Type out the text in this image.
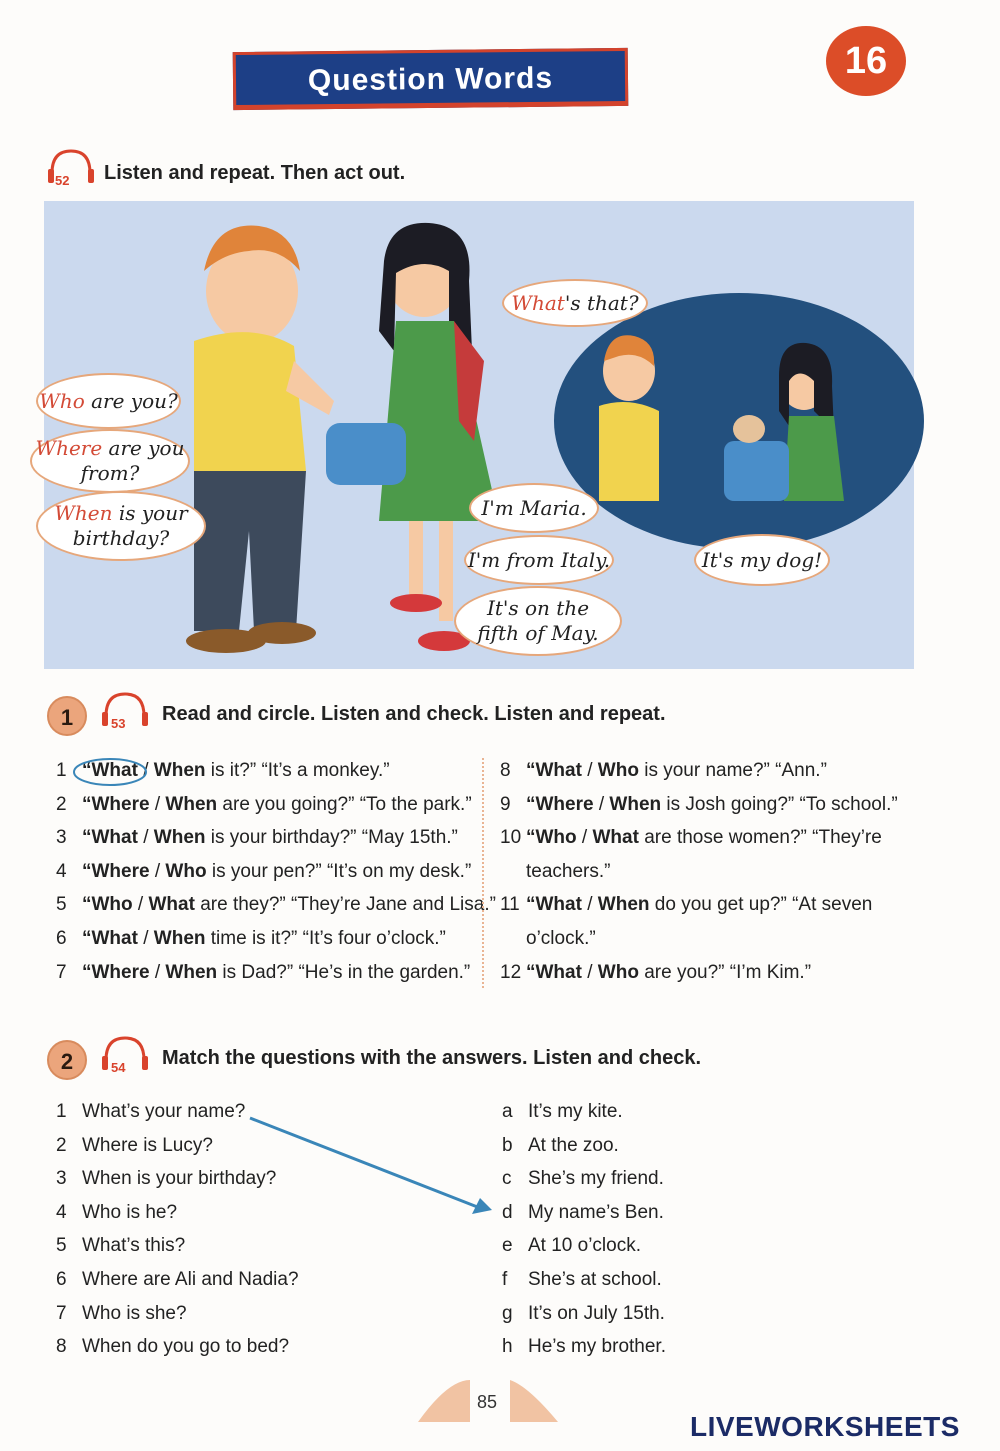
Question Words	16
52 Listen and repeat. Then act out.
Who are you?
Where are you
from?
When is your
birthday?
I'm Maria.
I'm from Italy.
It's on the
fifth of May.
What's that?
It's my dog!
1	53 Read and circle. Listen and check. Listen and repeat.
1 “What / When is it?” “It’s a monkey.”
2 “Where / When are you going?” “To the park.”
3 “What / When is your birthday?” “May 15th.”
4 “Where / Who is your pen?” “It’s on my desk.”
5 “Who / What are they?” “They’re Jane and Lisa.”
6 “What / When time is it?” “It’s four o’clock.”
7 “Where / When is Dad?” “He’s in the garden.”
8 “What / Who is your name?” “Ann.”
9 “Where / When is Josh going?” “To school.”
10 “Who / What are those women?” “They’re
teachers.”
11 “What / When do you get up?” “At seven
o’clock.”
12 “What / Who are you?” “I’m Kim.”
2	54 Match the questions with the answers. Listen and check.
1 What’s your name?
2 Where is Lucy?
3 When is your birthday?
4 Who is he?
5 What’s this?
6 Where are Ali and Nadia?
7 Who is she?
8 When do you go to bed?
a It’s my kite.
b At the zoo.
c She’s my friend.
d My name’s Ben.
e At 10 o’clock.
f She’s at school.
g It’s on July 15th.
h He’s my brother.
85
LIVEWORKSHEETS
